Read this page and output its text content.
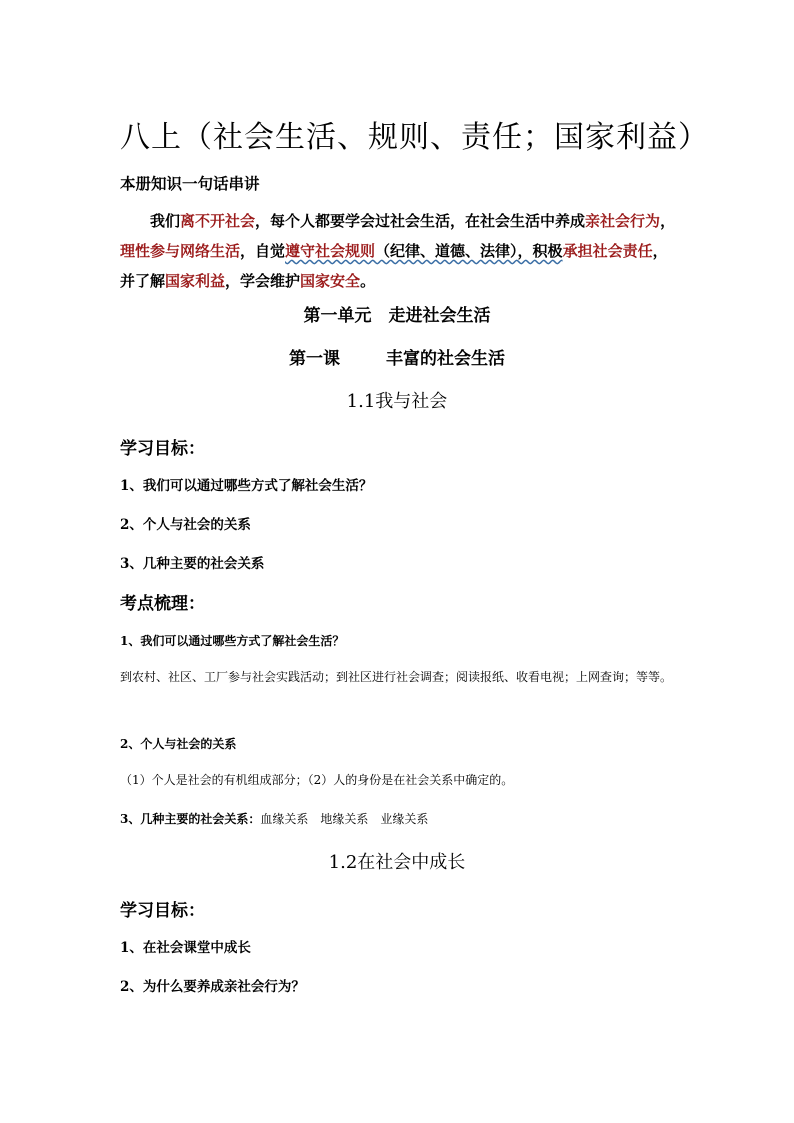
八上（社会生活、规则、责任；国家利益）
本册知识一句话串讲
我们离不开社会，每个人都要学会过社会生活，在社会生活中养成亲社会行为，理性参与网络生活，自觉遵守社会规则（纪律、道德、法律），积极承担社会责任，并了解国家利益，学会维护国家安全。
第一单元　走进社会生活
第一课	丰富的社会生活
1.1我与社会
学习目标：
1、我们可以通过哪些方式了解社会生活？
2、个人与社会的关系
3、几种主要的社会关系
考点梳理：
1、我们可以通过哪些方式了解社会生活？
到农村、社区、工厂参与社会实践活动；到社区进行社会调查；阅读报纸、收看电视；上网查询；等等。
2、个人与社会的关系
（1）个人是社会的有机组成部分；（2）人的身份是在社会关系中确定的。
3、几种主要的社会关系：血缘关系　地缘关系　业缘关系
1.2在社会中成长
学习目标：
1、在社会课堂中成长
2、为什么要养成亲社会行为？
